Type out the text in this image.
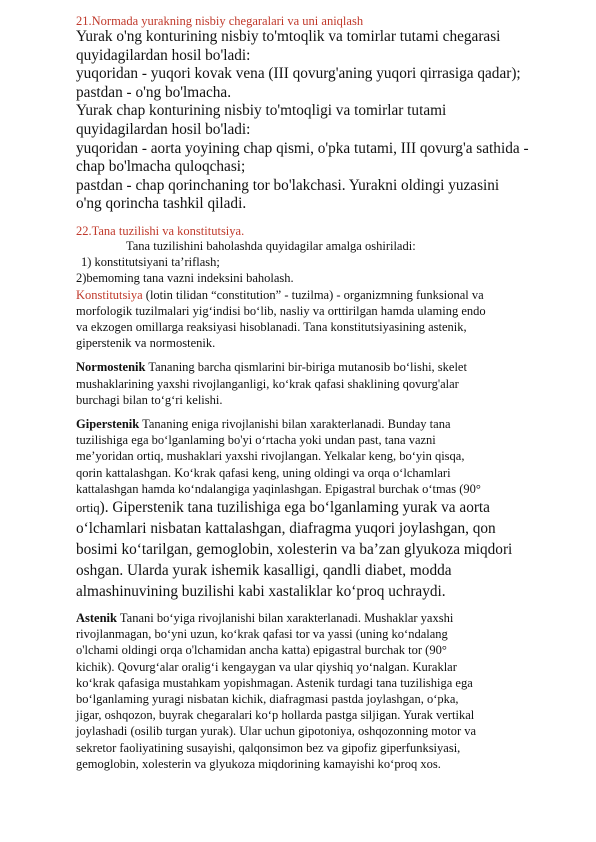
21.Normada yurakning nisbiy chegaralari va uni aniqlash
Yurak o'ng konturining nisbiy to'mtoqlik va tomirlar tutami chegarasi
quyidagilardan hosil bo'ladi:
yuqoridan - yuqori kovak vena (III qovurg'aning yuqori qirrasiga qadar);
pastdan - o'ng bo'lmacha.
Yurak chap konturining nisbiy to'mtoqligi va tomirlar tutami
quyidagilardan hosil bo'ladi:
yuqoridan - aorta yoyining chap qismi, o'pka tutami, III qovurg'a sathida -
chap bo'lmacha quloqchasi;
pastdan - chap qorinchaning tor bo'lakchasi. Yurakni oldingi yuzasini
o'ng qorincha tashkil qiladi.
22.Tana tuzilishi va konstitutsiya.
Tana tuzilishini baholashda quyidagilar amalga oshiriladi:
1) konstitutsiyani ta’riflash;
2)bemoming tana vazni indeksini baholash.
Konstitutsiya (lotin tilidan “constitution” - tuzilma) - organizmning funksional va
morfologik tuzilmalari yig‘indisi bo‘lib, nasliy va orttirilgan hamda ulaming endo
va ekzogen omillarga reaksiyasi hisoblanadi. Tana konstitutsiyasining astenik,
giperstenik va normostenik.
Normostenik Tananing barcha qismlarini bir-biriga mutanosib bo‘lishi, skelet
mushaklarining yaxshi rivojlanganligi, ko‘krak qafasi shaklining qovurg'alar
burchagi bilan to‘g‘ri kelishi.
Giperstenik Tananing eniga rivojlanishi bilan xarakterlanadi. Bunday tana
tuzilishiga ega bo‘lganlaming bo'yi o‘rtacha yoki undan past, tana vazni
me’yoridan ortiq, mushaklari yaxshi rivojlangan. Yelkalar keng, bo‘yin qisqa,
qorin kattalashgan. Ko‘krak qafasi keng, uning oldingi va orqa o‘lchamlari
kattalashgan hamda ko‘ndalangiga yaqinlashgan. Epigastral burchak o‘tmas (90°
ortiq). Giperstenik tana tuzilishiga ega bo‘lganlaming yurak va aorta
o‘lchamlari nisbatan kattalashgan, diafragma yuqori joylashgan, qon
bosimi ko‘tarilgan, gemoglobin, xolesterin va ba’zan glyukoza miqdori
oshgan. Ularda yurak ishemik kasalligi, qandli diabet, modda
almashinuvining buzilishi kabi xastaliklar ko‘proq uchraydi.
Astenik Tanani bo‘yiga rivojlanishi bilan xarakterlanadi. Mushaklar yaxshi
rivojlanmagan, bo‘yni uzun, ko‘krak qafasi tor va yassi (uning ko‘ndalang
o'lchami oldingi orqa o'lchamidan ancha katta) epigastral burchak tor (90°
kichik). Qovurg‘alar oralig‘i kengaygan va ular qiyshiq yo‘nalgan. Kuraklar
ko‘krak qafasiga mustahkam yopishmagan. Astenik turdagi tana tuzilishiga ega
bo‘lganlaming yuragi nisbatan kichik, diafragmasi pastda joylashgan, o‘pka,
jigar, oshqozon, buyrak chegaralari ko‘p hollarda pastga siljigan. Yurak vertikal
joylashadi (osilib turgan yurak). Ular uchun gipotoniya, oshqozonning motor va
sekretor faoliyatining susayishi, qalqonsimon bez va gipofiz giperfunksiyasi,
gemoglobin, xolesterin va glyukoza miqdorining kamayishi ko‘proq xos.
